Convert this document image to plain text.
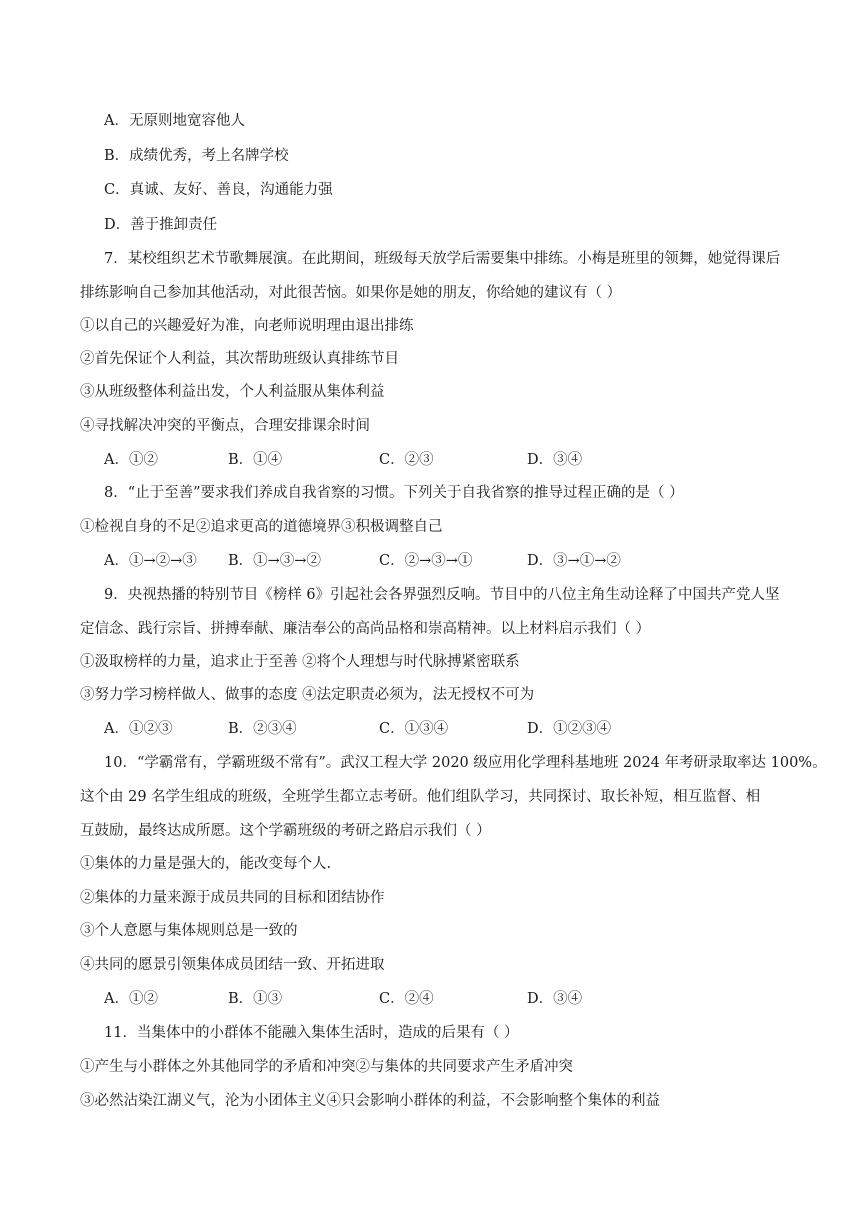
A．无原则地宽容他人
B．成绩优秀，考上名牌学校
C．真诚、友好、善良，沟通能力强
D．善于推卸责任
7．某校组织艺术节歌舞展演。在此期间，班级每天放学后需要集中排练。小梅是班里的领舞，她觉得课后
排练影响自己参加其他活动，对此很苦恼。如果你是她的朋友，你给她的建议有（ ）
①以自己的兴趣爱好为准，向老师说明理由退出排练
②首先保证个人利益，其次帮助班级认真排练节目
③从班级整体利益出发，个人利益服从集体利益
④寻找解决冲突的平衡点，合理安排课余时间
A．①②	B．①④	C．②③	D．③④
8．“止于至善”要求我们养成自我省察的习惯。下列关于自我省察的推导过程正确的是（ ）
①检视自身的不足②追求更高的道德境界③积极调整自己
A．①→②→③ B．①→③→②	C．②→③→①	D．③→①→②
9．央视热播的特别节目《榜样 6》引起社会各界强烈反响。节目中的八位主角生动诠释了中国共产党人坚
定信念、践行宗旨、拼搏奉献、廉洁奉公的高尚品格和崇高精神。以上材料启示我们（ ）
①汲取榜样的力量，追求止于至善 ②将个人理想与时代脉搏紧密联系
③努力学习榜样做人、做事的态度 ④法定职责必须为，法无授权不可为
A．①②③	B．②③④	C．①③④	D．①②③④
10．“学霸常有，学霸班级不常有”。武汉工程大学 2020 级应用化学理科基地班 2024 年考研录取率达 100%。
这个由 29 名学生组成的班级，全班学生都立志考研。他们组队学习，共同探讨、取长补短，相互监督、相
互鼓励，最终达成所愿。这个学霸班级的考研之路启示我们（ ）
①集体的力量是强大的，能改变每个人.
②集体的力量来源于成员共同的目标和团结协作
③个人意愿与集体规则总是一致的
④共同的愿景引领集体成员团结一致、开拓进取
A．①②	B．①③	C．②④	D．③④
11．当集体中的小群体不能融入集体生活时，造成的后果有（ ）
①产生与小群体之外其他同学的矛盾和冲突②与集体的共同要求产生矛盾冲突
③必然沾染江湖义气，沦为小团体主义④只会影响小群体的利益，不会影响整个集体的利益
